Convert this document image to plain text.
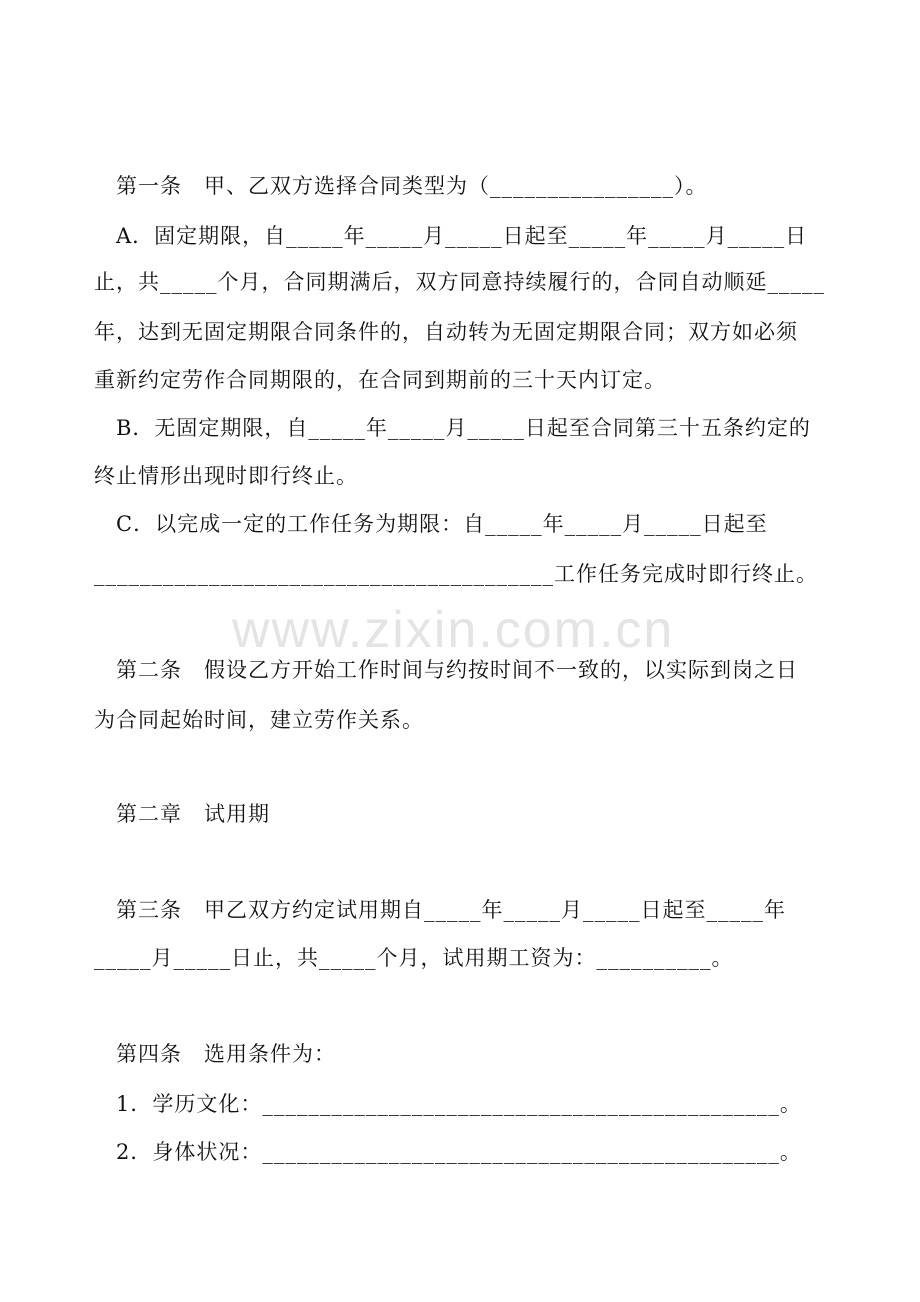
www.zixin.com.cn
第一条　甲、乙双方选择合同类型为（________________）。
A．固定期限，自_____年_____月_____日起至_____年_____月_____日
止，共_____个月，合同期满后，双方同意持续履行的，合同自动顺延_____
年，达到无固定期限合同条件的，自动转为无固定期限合同；双方如必须
重新约定劳作合同期限的，在合同到期前的三十天内订定。
B．无固定期限，自_____年_____月_____日起至合同第三十五条约定的
终止情形出现时即行终止。
C．以完成一定的工作任务为期限：自_____年_____月_____日起至
________________________________________工作任务完成时即行终止。
第二条　假设乙方开始工作时间与约按时间不一致的，以实际到岗之日
为合同起始时间，建立劳作关系。
第二章　试用期
第三条　甲乙双方约定试用期自_____年_____月_____日起至_____年
_____月_____日止，共_____个月，试用期工资为：__________。
第四条　选用条件为：
1．学历文化：_____________________________________________。
2．身体状况：_____________________________________________。
